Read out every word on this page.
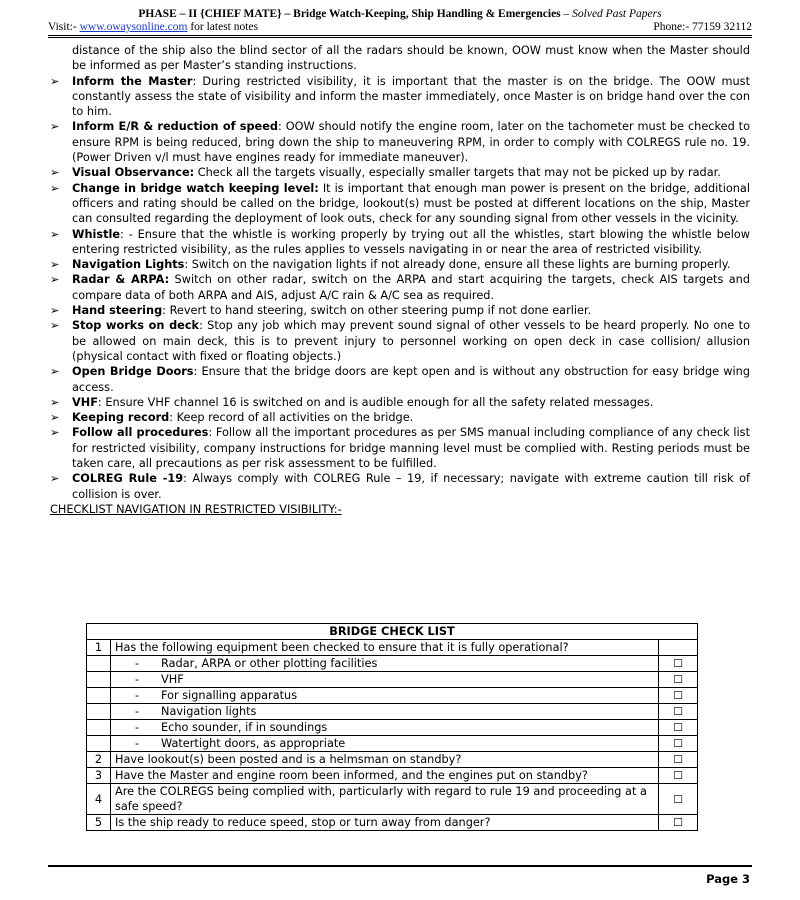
PHASE – II {CHIEF MATE} – Bridge Watch-Keeping, Ship Handling & Emergencies – Solved Past Papers
Visit:- www.owaysonline.com for latest notes	Phone:- 77159 32112
distance of the ship also the blind sector of all the radars should be known, OOW must know when the Master should be informed as per Master’s standing instructions.
➢	Inform the Master: During restricted visibility, it is important that the master is on the bridge. The OOW must constantly assess the state of visibility and inform the master immediately, once Master is on bridge hand over the con to him.
➢	Inform E/R & reduction of speed: OOW should notify the engine room, later on the tachometer must be checked to ensure RPM is being reduced, bring down the ship to maneuvering RPM, in order to comply with COLREGS rule no. 19. (Power Driven v/l must have engines ready for immediate maneuver).
➢	Visual Observance: Check all the targets visually, especially smaller targets that may not be picked up by radar.
➢	Change in bridge watch keeping level: It is important that enough man power is present on the bridge, additional officers and rating should be called on the bridge, lookout(s) must be posted at different locations on the ship, Master can consulted regarding the deployment of look outs, check for any sounding signal from other vessels in the vicinity.
➢	Whistle: - Ensure that the whistle is working properly by trying out all the whistles, start blowing the whistle below entering restricted visibility, as the rules applies to vessels navigating in or near the area of restricted visibility.
➢	Navigation Lights: Switch on the navigation lights if not already done, ensure all these lights are burning properly.
➢	Radar & ARPA: Switch on other radar, switch on the ARPA and start acquiring the targets, check AIS targets and compare data of both ARPA and AIS, adjust A/C rain & A/C sea as required.
➢	Hand steering: Revert to hand steering, switch on other steering pump if not done earlier.
➢	Stop works on deck: Stop any job which may prevent sound signal of other vessels to be heard properly. No one to be allowed on main deck, this is to prevent injury to personnel working on open deck in case collision/ allusion (physical contact with fixed or floating objects.)
➢	Open Bridge Doors: Ensure that the bridge doors are kept open and is without any obstruction for easy bridge wing access.
➢	VHF: Ensure VHF channel 16 is switched on and is audible enough for all the safety related messages.
➢	Keeping record: Keep record of all activities on the bridge.
➢	Follow all procedures: Follow all the important procedures as per SMS manual including compliance of any check list for restricted visibility, company instructions for bridge manning level must be complied with. Resting periods must be taken care, all precautions as per risk assessment to be fulfilled.
➢	COLREG Rule -19: Always comply with COLREG Rule – 19, if necessary; navigate with extreme caution till risk of collision is over.
CHECKLIST NAVIGATION IN RESTRICTED VISIBILITY:-
BRIDGE CHECK LIST		
1	Has the following equipment been checked to ensure that it is fully operational?	
	- Radar, ARPA or other plotting facilities	☐
	- VHF	☐
	- For signalling apparatus	☐
	- Navigation lights	☐
	- Echo sounder, if in soundings	☐
	- Watertight doors, as appropriate	☐
2	Have lookout(s) been posted and is a helmsman on standby?	☐
3	Have the Master and engine room been informed, and the engines put on standby?	☐
4	Are the COLREGS being complied with, particularly with regard to rule 19 and proceeding at a safe speed?	☐
5	Is the ship ready to reduce speed, stop or turn away from danger?	☐
Page 3
